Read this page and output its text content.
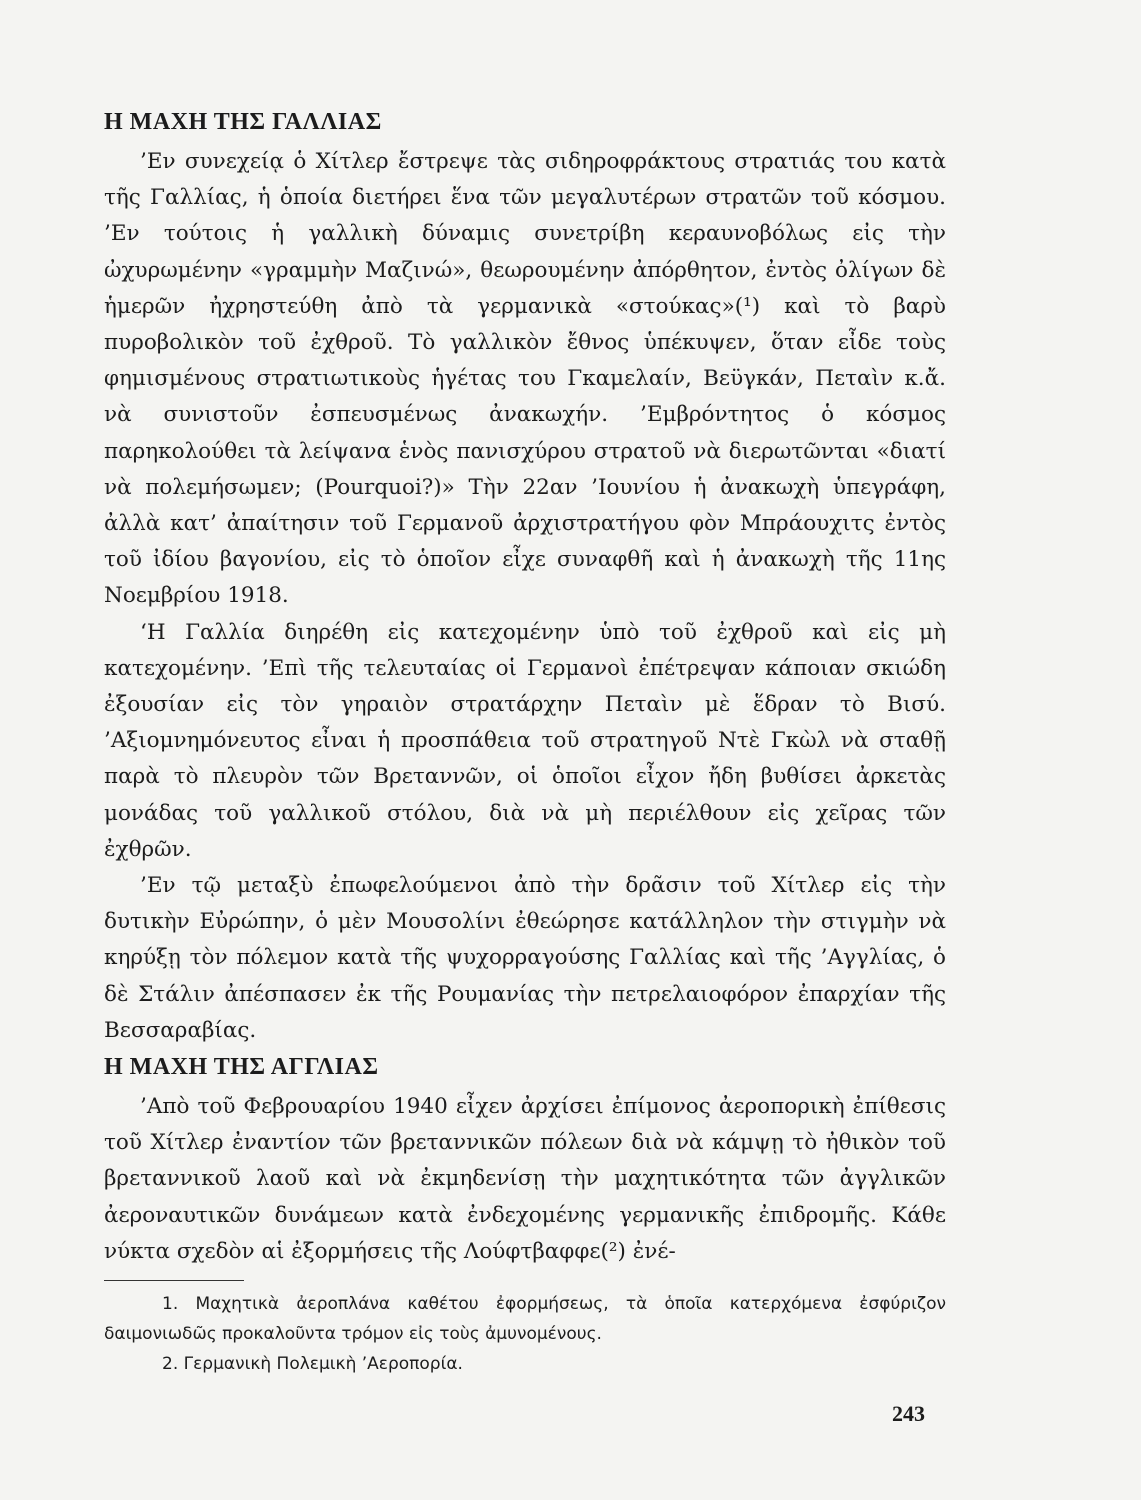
Η ΜΑΧΗ ΤΗΣ ΓΑΛΛΙΑΣ

’Εν συνεχείᾳ ὁ Χίτλερ ἔστρεψε τὰς σιδηροφράκτους στρατιάς του κατὰ τῆς Γαλλίας, ἡ ὁποία διετήρει ἕνα τῶν μεγαλυτέρων στρατῶν τοῦ κόσμου. ’Εν τούτοις ἡ γαλλικὴ δύναμις συνετρίβη κεραυνοβόλως εἰς τὴν ὠχυρωμένην «γραμμὴν Μαζινώ», θεωρουμένην ἀπόρθητον, ἐντὸς ὀλίγων δὲ ἡμερῶν ἠχρηστεύθη ἀπὸ τὰ γερμανικὰ «στούκας»(¹) καὶ τὸ βαρὺ πυροβολικὸν τοῦ ἐχθροῦ. Τὸ γαλλικὸν ἔθνος ὑπέκυψεν, ὅταν εἶδε τοὺς φημισμένους στρατιωτικοὺς ἡγέτας του Γκαμελαίν, Βεϋγκάν, Πεταὶν κ.ἄ. νὰ συνιστοῦν ἐσπευσμένως ἀνακωχήν. ’Εμβρόντητος ὁ κόσμος παρηκολούθει τὰ λείψανα ἑνὸς πανισχύρου στρατοῦ νὰ διερωτῶνται «διατί νὰ πολεμήσωμεν; (Pourquoi?)» Τὴν 22αν ’Ιουνίου ἡ ἀνακωχὴ ὑπεγράφη, ἀλλὰ κατ’ ἀπαίτησιν τοῦ Γερμανοῦ ἀρχιστρατήγου φὸν Μπράουχιτς ἐντὸς τοῦ ἰδίου βαγονίου, εἰς τὸ ὁποῖον εἶχε συναφθῆ καὶ ἡ ἀνακωχὴ τῆς 11ης Νοεμβρίου 1918.

‘Η Γαλλία διηρέθη εἰς κατεχομένην ὑπὸ τοῦ ἐχθροῦ καὶ εἰς μὴ κατεχομένην. ’Επὶ τῆς τελευταίας οἱ Γερμανοὶ ἐπέτρεψαν κάποιαν σκιώδη ἐξουσίαν εἰς τὸν γηραιὸν στρατάρχην Πεταὶν μὲ ἕδραν τὸ Βισύ. ’Αξιομνημόνευτος εἶναι ἡ προσπάθεια τοῦ στρατηγοῦ Ντὲ Γκὼλ νὰ σταθῇ παρὰ τὸ πλευρὸν τῶν Βρεταννῶν, οἱ ὁποῖοι εἶχον ἤδη βυθίσει ἀρκετὰς μονάδας τοῦ γαλλικοῦ στόλου, διὰ νὰ μὴ περιέλθουν εἰς χεῖρας τῶν ἐχθρῶν.

’Εν τῷ μεταξὺ ἐπωφελούμενοι ἀπὸ τὴν δρᾶσιν τοῦ Χίτλερ εἰς τὴν δυτικὴν Εὐρώπην, ὁ μὲν Μουσολίνι ἐθεώρησε κατάλληλον τὴν στιγμὴν νὰ κηρύξῃ τὸν πόλεμον κατὰ τῆς ψυχορραγούσης Γαλλίας καὶ τῆς ’Αγγλίας, ὁ δὲ Στάλιν ἀπέσπασεν ἐκ τῆς Ρουμανίας τὴν πετρελαιοφόρον ἐπαρχίαν τῆς Βεσσαραβίας.

Η ΜΑΧΗ ΤΗΣ ΑΓΓΛΙΑΣ

’Απὸ τοῦ Φεβρουαρίου 1940 εἶχεν ἀρχίσει ἐπίμονος ἀεροπορικὴ ἐπίθεσις τοῦ Χίτλερ ἐναντίον τῶν βρεταννικῶν πόλεων διὰ νὰ κάμψῃ τὸ ἠθικὸν τοῦ βρεταννικοῦ λαοῦ καὶ νὰ ἐκμηδενίσῃ τὴν μαχητικότητα τῶν ἀγγλικῶν ἀεροναυτικῶν δυνάμεων κατὰ ἐνδεχομένης γερμανικῆς ἐπιδρομῆς. Κάθε νύκτα σχεδὸν αἱ ἐξορμήσεις τῆς Λούφτβαφφε(²) ἐνέ-

1. Μαχητικὰ ἀεροπλάνα καθέτου ἐφορμήσεως, τὰ ὁποῖα κατερχόμενα ἐσφύριζον δαιμονιωδῶς προκαλοῦντα τρόμον εἰς τοὺς ἀμυνομένους.

2. Γερμανικὴ Πολεμικὴ ’Αεροπορία.

243
